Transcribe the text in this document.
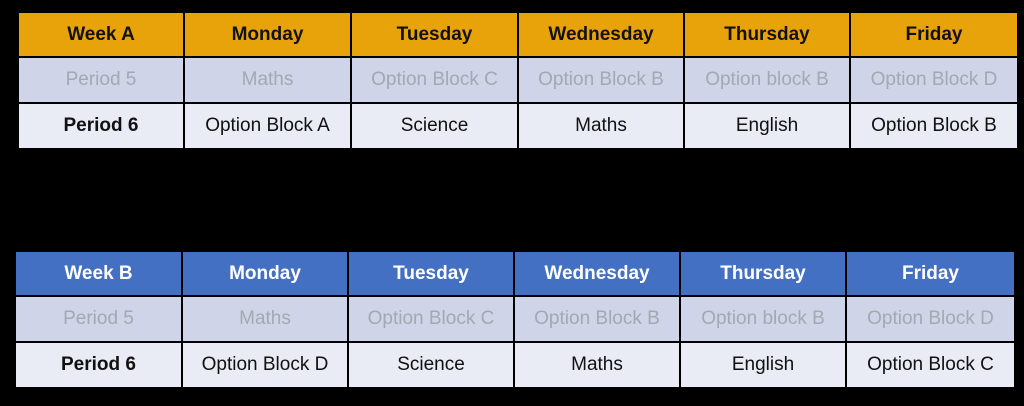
Week A	Monday	Tuesday	Wednesday	Thursday	Friday
Period 5	Maths	Option Block C	Option Block B	Option block B	Option Block D
Period 6	Option Block A	Science	Maths	English	Option Block B
Week B	Monday	Tuesday	Wednesday	Thursday	Friday
Period 5	Maths	Option Block C	Option Block B	Option block B	Option Block D
Period 6	Option Block D	Science	Maths	English	Option Block C
